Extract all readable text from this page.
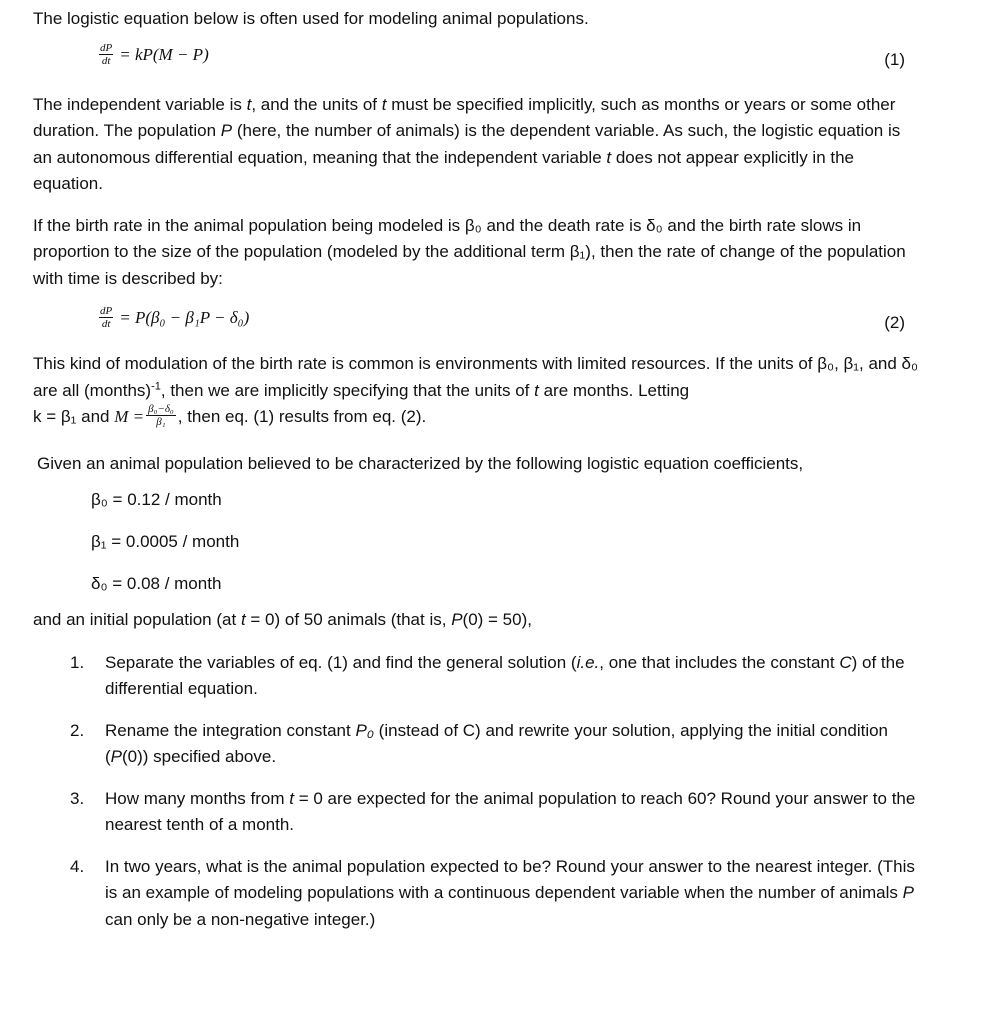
The logistic equation below is often used for modeling animal populations.

$\frac{dP}{dt} = kP(M - P)$	(1)

The independent variable is t, and the units of t must be specified implicitly, such as months or years or some other duration. The population P (here, the number of animals) is the dependent variable. As such, the logistic equation is an autonomous differential equation, meaning that the independent variable t does not appear explicitly in the equation.

If the birth rate in the animal population being modeled is β₀ and the death rate is δ₀ and the birth rate slows in proportion to the size of the population (modeled by the additional term β₁), then the rate of change of the population with time is described by:

$\frac{dP}{dt} = P(\beta_0 - \beta_1P - \delta_0)$	(2)

This kind of modulation of the birth rate is common is environments with limited resources. If the units of β₀, β₁, and δ₀ are all (months)$^{-1}$, then we are implicitly specifying that the units of t are months. Letting
k = β₁ and $M = \frac{\text{β₀−δ₀}}{\text{β₁}}$ , then eq. (1) results from eq. (2).

Given an animal population believed to be characterized by the following logistic equation coefficients,

β₀ = 0.12 / month

β₁ = 0.0005 / month

δ₀ = 0.08 / month

and an initial population (at t = 0) of 50 animals (that is, P(0) = 50),

1. Separate the variables of eq. (1) and find the general solution (i.e., one that includes the constant C) of the differential equation.
2. Rename the integration constant P₀ (instead of C) and rewrite your solution, applying the initial condition (P(0)) specified above.
3. How many months from t = 0 are expected for the animal population to reach 60? Round your answer to the nearest tenth of a month.
4. In two years, what is the animal population expected to be? Round your answer to the nearest integer. (This is an example of modeling populations with a continuous dependent variable when the number of animals P can only be a non-negative integer.)
